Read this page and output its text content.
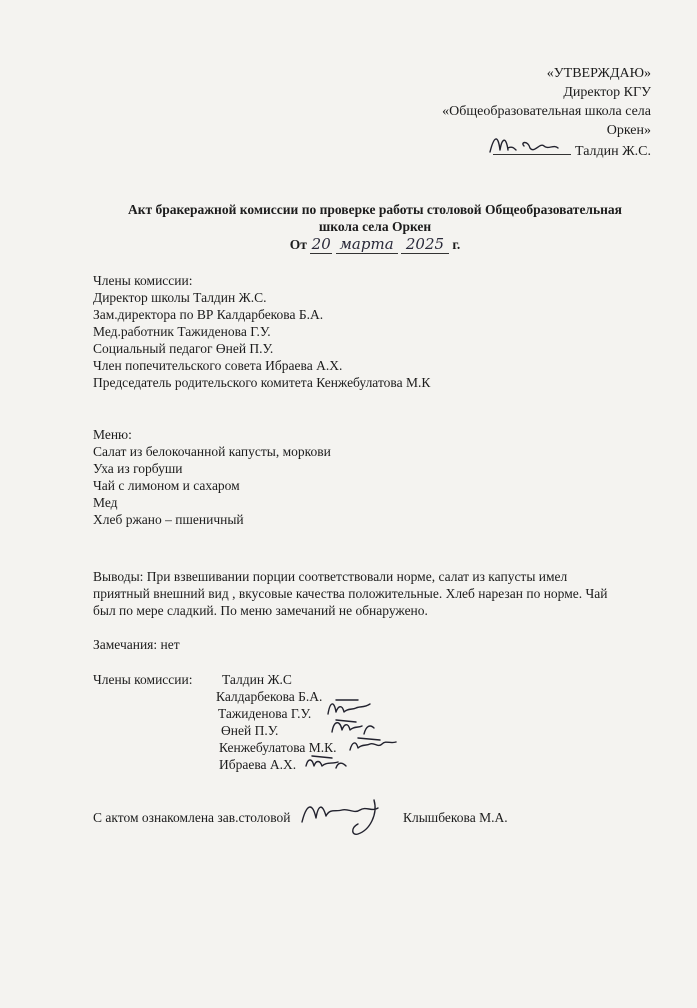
«УТВЕРЖДАЮ»
Директор КГУ
«Общеобразовательная школа села
Оркен»
Талдин Ж.С.
Акт бракеражной комиссии по проверке работы столовой Общеобразовательная
школа села Оркен
От 20 марта 2025 г.
Члены комиссии:
Директор школы Талдин Ж.С.
Зам.директора по ВР Калдарбекова Б.А.
Мед.работник Тажиденова Г.У.
Социальный педагог Өней П.У.
Член попечительского совета Ибраева А.Х.
Председатель родительского комитета Кенжебулатова М.К
Меню:
Салат из белокочанной капусты, моркови
Уха из горбуши
Чай с лимоном и сахаром
Мед
Хлеб ржано – пшеничный
Выводы: При взвешивании порции соответствовали норме, салат из капусты имел
приятный внешний вид , вкусовые качества положительные. Хлеб нарезан по норме. Чай
был по мере сладкий. По меню замечаний не обнаружено.
Замечания: нет
Члены комиссии: Талдин Ж.С
Калдарбекова Б.А.
Тажиденова Г.У.
Өней П.У.
Кенжебулатова М.К.
Ибраева А.Х.
С актом ознакомлена зав.столовой	Клышбекова М.А.
